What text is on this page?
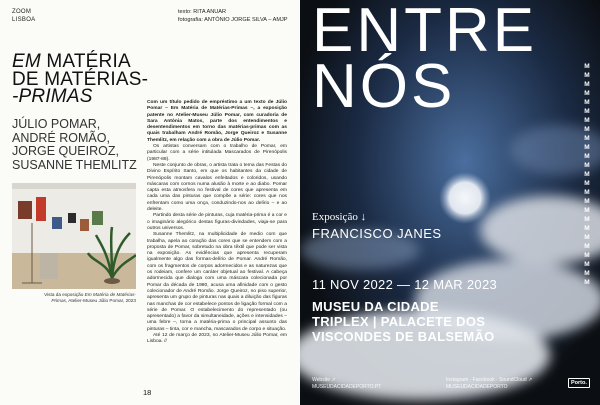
ZOOM
LISBOA
texto: RITA ANUAR
fotografia: ANTÓNIO JORGE SILVA – AMJP
EM MATÉRIA
DE MATÉRIAS-
-PRIMAS
JÚLIO POMAR,
ANDRÉ ROMÃO,
JORGE QUEIROZ,
SUSANNE THEMLITZ
Vista da exposição Em Matéria de Matérias-Primas, Atelier-Museu Júlio Pomar, 2023

Com um título pedido de empréstimo a um texto de Júlio Pomar – Em Matéria de Matérias-Primas –, a exposição patente no Atelier-Museu Júlio Pomar, com curadoria de Sara Antónia Matos, parte dos entendimentos e desentendimentos em torno das matérias-primas com as quais trabalham André Romão, Jorge Queiroz e Susanne Themlitz, em relação com a obra de Júlio Pomar.

Os artistas conversam com o trabalho de Pomar, em particular com a série intitulada Mascarados de Pirenópolis (1987-88).

Neste conjunto de obras, o artista trata o tema das Festas do Divino Espírito Santo, em que os habitantes da cidade de Pirenópolis montam cavalos enfeitados e coloridos, usando máscaras com cornos numa alusão à morte e ao diabo. Pomar capta esta atmosfera no festival de cores que apresenta em cada uma das pinturas que compõe a série: cores que nos enfrentam como uma onça, conduzindo-nos ao delírio – e ao deleite.

Partindo desta série de pinturas, cuja matéria-prima é a cor e o imaginário alegórico destas figuras-divindades, viaja-se para outros universos.

Susanne Themlitz, na multiplicidade de medio com que trabalha, apela ao coração das cores que se entendem com a proposta de Pomar, sobretudo na obra têxtil que pode ser vista na exposição. As evidências que apresenta recuperam igualmente algo das formas-delírio de Pomar. André Romão, com os fragmentos de corpos adormecidos e as naturezas que os rodeiam, confere um caráter objetual ao festival. A cabeça adormecida que dialoga com uma máscara colecionada por Pomar da década de 1980, acusa uma afinidade com o gesto colecionador de André Romão. Jorge Queiroz, no piso superior, apresenta um grupo de pinturas nas quais a diluição das figuras nas manchas de cor estabelece pontos de ligação formal com a série de Pomar. O estabelecimento do representado (ou apresentado) a favor da simultaneidade, ações e intensidades – uma febre –, torna a matéria-prima o principal assunto das pinturas – tinta, cor e mancha, mascarados de corpo e situação.

Até 12 de março de 2023, no Atelier-Museu Júlio Pomar, em Lisboa. //

18
ENTRE
NÓS	M
M
M M
M M
M M
M M
M M
M M
M M
M M
M M
M
M
M
M
M
Exposição ↓
FRANCISCO JANES
11 NOV 2022 — 12 MAR 2023
MUSEU DA CIDADE
TRIPLEX | PALACETE DOS
VISCONDES DE BALSEMÃO
Website ↗
MUSEUDACIDADEPORTO.PT
Instagram · Facebook · SoundCloud ↗
MUSEUDACIDADEPORTO
Porto.
